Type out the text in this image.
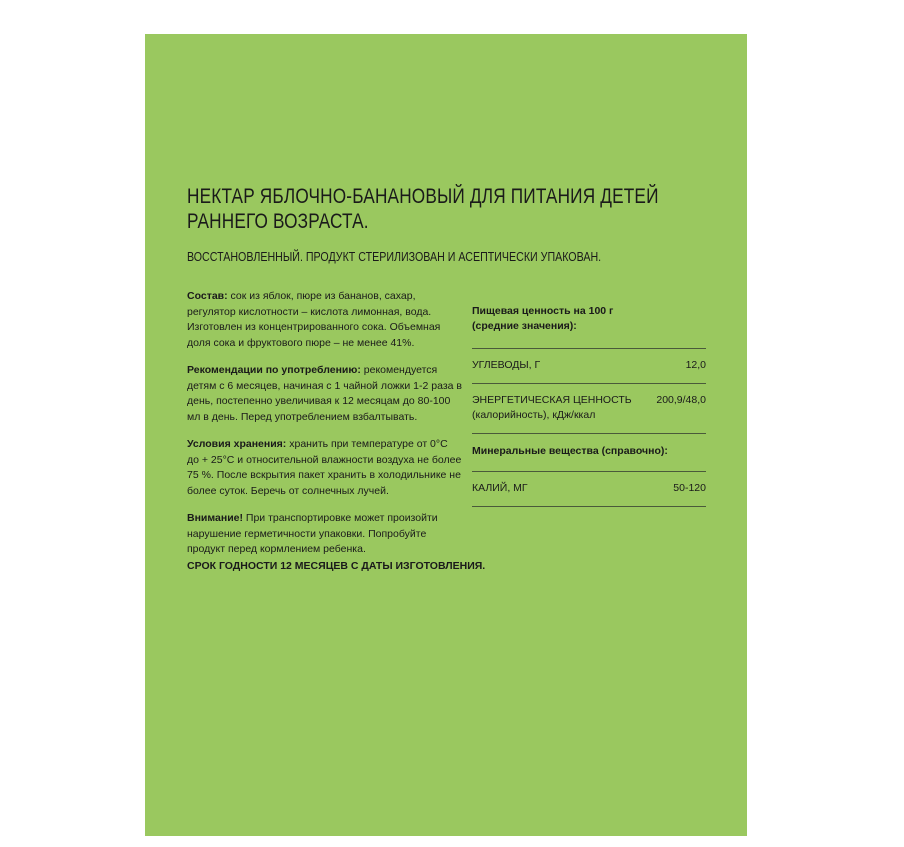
НЕКТАР ЯБЛОЧНО-БАНАНОВЫЙ ДЛЯ ПИТАНИЯ ДЕТЕЙ РАННЕГО ВОЗРАСТА.

ВОССТАНОВЛЕННЫЙ. ПРОДУКТ СТЕРИЛИЗОВАН И АСЕПТИЧЕСКИ УПАКОВАН.

Состав: сок из яблок, пюре из бананов, сахар, регулятор кислотности – кислота лимонная, вода. Изготовлен из концентрированного сока. Объемная доля сока и фруктового пюре – не менее 41%.

Рекомендации по употреблению: рекомендуется детям с 6 месяцев, начиная с 1 чайной ложки 1-2 раза в день, постепенно увеличивая к 12 месяцам до 80-100 мл в день. Перед употреблением взбалтывать.

Условия хранения: хранить при температуре от 0°С до + 25°С и относительной влажности воздуха не более 75 %. После вскрытия пакет хранить в холодильнике не более суток. Беречь от солнечных лучей.

Внимание! При транспортировке может произойти нарушение герметичности упаковки. Попробуйте продукт перед кормлением ребенка.

СРОК ГОДНОСТИ 12 МЕСЯЦЕВ С ДАТЫ ИЗГОТОВЛЕНИЯ.
Пищевая ценность на 100 г
(средние значения):
УГЛЕВОДЫ, Г	12,0
ЭНЕРГЕТИЧЕСКАЯ ЦЕННОСТЬ
(калорийность), кДж/ккал
200,9/48,0
Минеральные вещества (справочно):
КАЛИЙ, МГ	50-120
